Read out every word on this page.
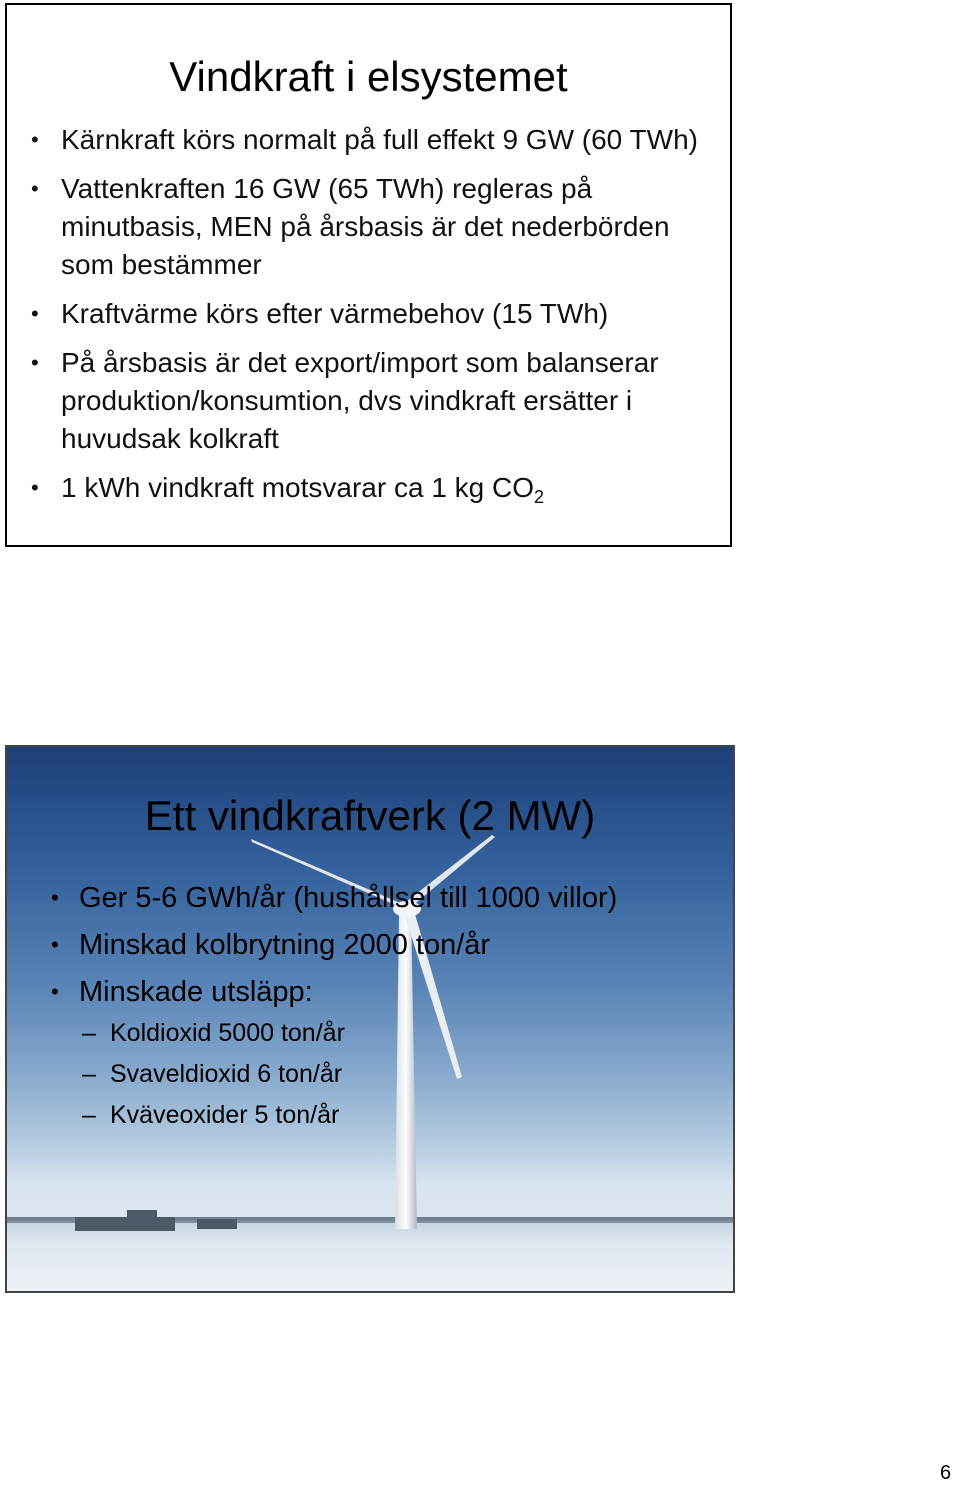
Vindkraft i elsystemet
• Kärnkraft körs normalt på full effekt 9 GW (60 TWh)
• Vattenkraften 16 GW (65 TWh) regleras på minutbasis, MEN på årsbasis är det nederbörden som bestämmer
• Kraftvärme körs efter värmebehov (15 TWh)
• På årsbasis är det export/import som balanserar produktion/konsumtion, dvs vindkraft ersätter i huvudsak kolkraft
• 1 kWh vindkraft motsvarar ca 1 kg $CO_2$
Ett vindkraftverk (2 MW)
• Ger 5-6 GWh/år (hushållsel till 1000 villor)
• Minskad kolbrytning 2000 ton/år
• Minskade utsläpp:
– Koldioxid 5000 ton/år
– Svaveldioxid 6 ton/år
– Kväveoxider 5 ton/år
6
